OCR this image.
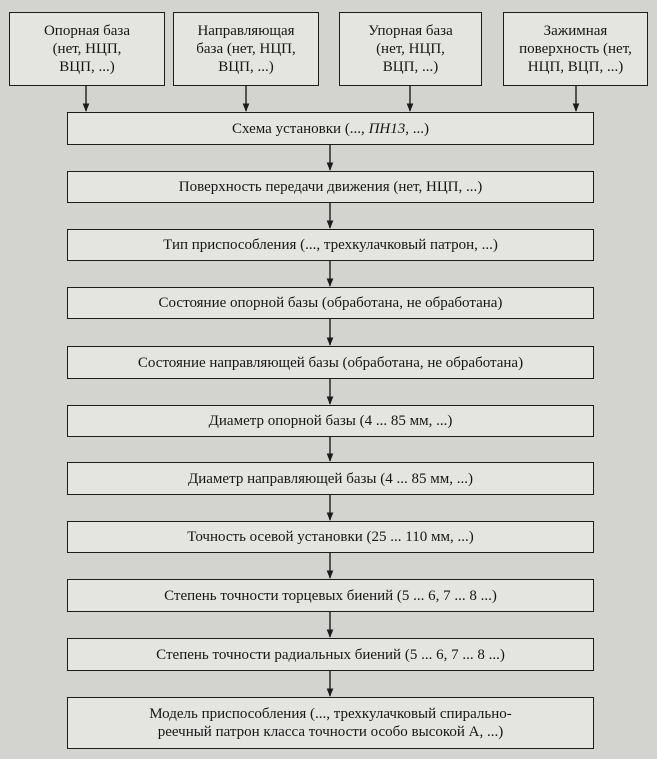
Опорная база
(нет, НЦП,
ВЦП, ...)
Направляющая
база (нет, НЦП,
ВЦП, ...)
Упорная база
(нет, НЦП,
ВЦП, ...)
Зажимная
поверхность (нет,
НЦП, ВЦП, ...)
Схема установки (..., ПН13, ...)
Поверхность передачи движения (нет, НЦП, ...)
Тип приспособления (..., трехкулачковый патрон, ...)
Состояние опорной базы (обработана, не обработана)
Состояние направляющей базы (обработана, не обработана)
Диаметр опорной базы (4 ... 85 мм, ...)
Диаметр направляющей базы (4 ... 85 мм, ...)
Точность осевой установки (25 ... 110 мм, ...)
Степень точности торцевых биений (5 ... 6, 7 ... 8 ...)
Степень точности радиальных биений (5 ... 6, 7 ... 8 ...)
Модель приспособления (..., трехкулачковый спирально-
реечный патрон класса точности особо высокой А, ...)
